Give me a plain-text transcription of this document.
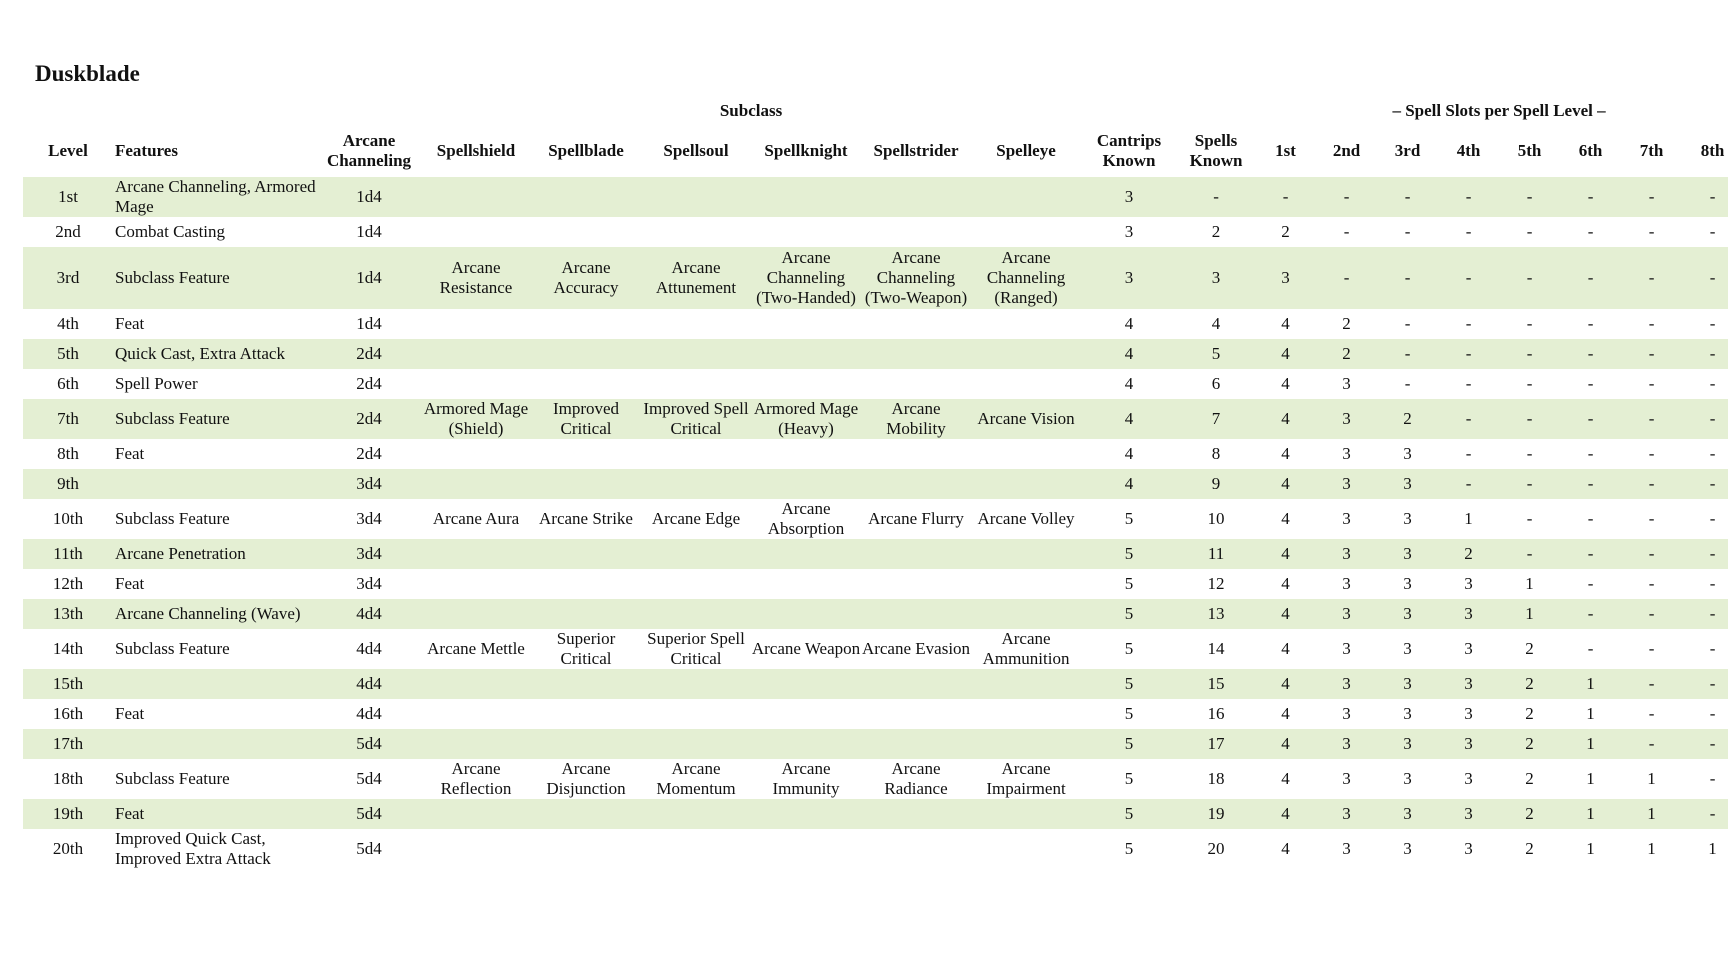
Duskblade
			Subclass								– Spell Slots per Spell Level –							
Level	Features	Arcane Channeling	Spellshield	Spellblade	Spellsoul	Spellknight	Spellstrider	Spelleye	Cantrips Known	Spells Known	1st	2nd	3rd	4th	5th	6th	7th	8th
1st	Arcane Channeling, Armored Mage	1d4							3	-	-	-	-	-	-	-	-	-
2nd	Combat Casting	1d4							3	2	2	-	-	-	-	-	-	-
3rd	Subclass Feature	1d4	Arcane Resistance	Arcane Accuracy	Arcane Attunement	Arcane Channeling (Two-Handed)	Arcane Channeling (Two-Weapon)	Arcane Channeling (Ranged)	3	3	3	-	-	-	-	-	-	-
4th	Feat	1d4							4	4	4	2	-	-	-	-	-	-
5th	Quick Cast, Extra Attack	2d4							4	5	4	2	-	-	-	-	-	-
6th	Spell Power	2d4							4	6	4	3	-	-	-	-	-	-
7th	Subclass Feature	2d4	Armored Mage (Shield)	Improved Critical	Improved Spell Critical	Armored Mage (Heavy)	Arcane Mobility	Arcane Vision	4	7	4	3	2	-	-	-	-	-
8th	Feat	2d4							4	8	4	3	3	-	-	-	-	-
9th		3d4							4	9	4	3	3	-	-	-	-	-
10th	Subclass Feature	3d4	Arcane Aura	Arcane Strike	Arcane Edge	Arcane Absorption	Arcane Flurry	Arcane Volley	5	10	4	3	3	1	-	-	-	-
11th	Arcane Penetration	3d4							5	11	4	3	3	2	-	-	-	-
12th	Feat	3d4							5	12	4	3	3	3	1	-	-	-
13th	Arcane Channeling (Wave)	4d4							5	13	4	3	3	3	1	-	-	-
14th	Subclass Feature	4d4	Arcane Mettle	Superior Critical	Superior Spell Critical	Arcane Weapon	Arcane Evasion	Arcane Ammunition	5	14	4	3	3	3	2	-	-	-
15th		4d4							5	15	4	3	3	3	2	1	-	-
16th	Feat	4d4							5	16	4	3	3	3	2	1	-	-
17th		5d4							5	17	4	3	3	3	2	1	-	-
18th	Subclass Feature	5d4	Arcane Reflection	Arcane Disjunction	Arcane Momentum	Arcane Immunity	Arcane Radiance	Arcane Impairment	5	18	4	3	3	3	2	1	1	-
19th	Feat	5d4							5	19	4	3	3	3	2	1	1	-
20th	Improved Quick Cast, Improved Extra Attack	5d4							5	20	4	3	3	3	2	1	1	1
